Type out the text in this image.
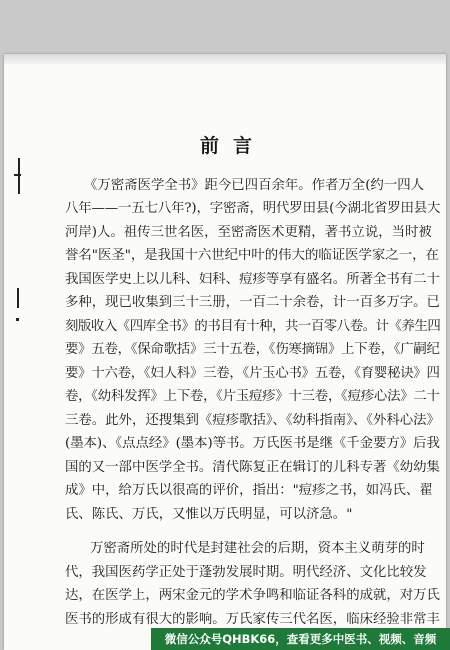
前言
《万密斋医学全书》距今已四百余年。作者万全(约一四人
八年——一五七八年?)，字密斋，明代罗田县(今湖北省罗田县大
河岸)人。祖传三世名医，至密斋医术更精，著书立说，当时被
誉名"医圣"，是我国十六世纪中叶的伟大的临证医学家之一，在
我国医学史上以儿科、妇科、痘疹等享有盛名。所著全书有二十
多种，现已收集到三十三册，一百二十余卷，计一百多万字。已
刻版收入《四库全书》的书目有十种，共一百零八卷。计《养生四
要》五卷，《保命歌括》三十五卷，《伤寒摘锦》上下卷，《广嗣纪
要》十六卷，《妇人科》三卷，《片玉心书》五卷，《育婴秘诀》四
卷，《幼科发挥》上下卷，《片玉痘疹》十三卷，《痘疹心法》二十
三卷。此外，还搜集到《痘疹歌括》、《幼科指南》、《外科心法》
(墨本)、《点点经》(墨本)等书。万氏医书是继《千金要方》后我
国的又一部中医学全书。清代陈复正在辑订的儿科专著《幼幼集
成》中，给万氏以很高的评价，指出："痘疹之书，如冯氏、翟
氏、陈氏、万氏，又惟以万氏明显，可以济急。"
万密斋所处的时代是封建社会的后期，资本主义萌芽的时
代，我国医药学正处于蓬勃发展时期。明代经济、文化比较发
达，在医学上，两宋金元的学术争鸣和临证各科的成就，对万氏
医书的形成有很大的影响。万氏家传三代名医，临床经验非常丰
微信公众号QHBK66，查看更多中医书、视频、音频
